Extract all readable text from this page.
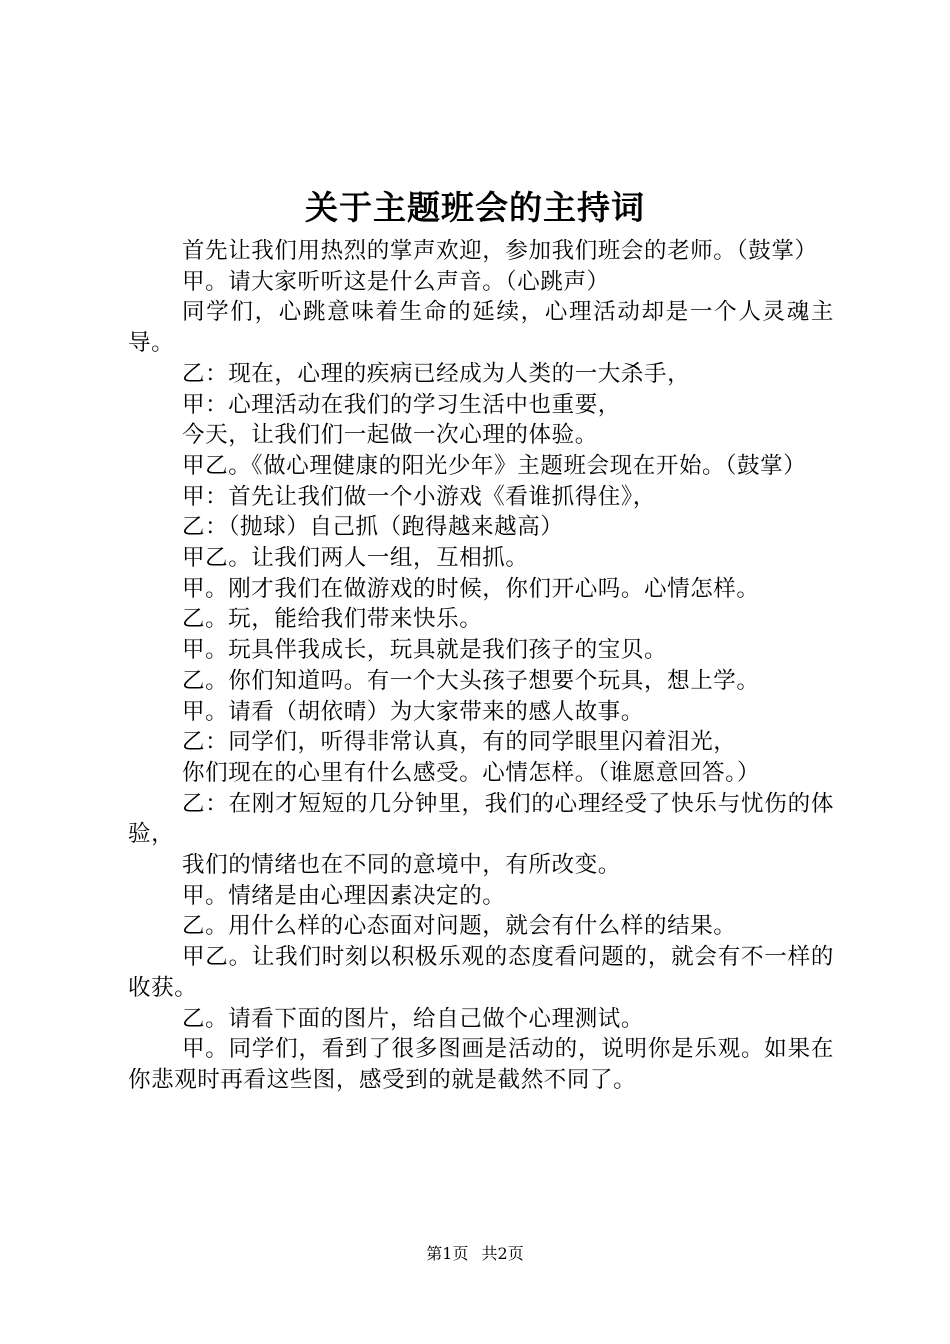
关于主题班会的主持词

首先让我们用热烈的掌声欢迎，参加我们班会的老师。（鼓掌）

甲。请大家听听这是什么声音。（心跳声）

同学们，心跳意味着生命的延续，心理活动却是一个人灵魂主导。

乙：现在，心理的疾病已经成为人类的一大杀手，

甲：心理活动在我们的学习生活中也重要，

今天，让我们们一起做一次心理的体验。

甲乙。《做心理健康的阳光少年》主题班会现在开始。（鼓掌）

甲：首先让我们做一个小游戏《看谁抓得住》，

乙：（抛球）自己抓（跑得越来越高）

甲乙。让我们两人一组，互相抓。

甲。刚才我们在做游戏的时候，你们开心吗。心情怎样。

乙。玩，能给我们带来快乐。

甲。玩具伴我成长，玩具就是我们孩子的宝贝。

乙。你们知道吗。有一个大头孩子想要个玩具，想上学。

甲。请看（胡依晴）为大家带来的感人故事。

乙：同学们，听得非常认真，有的同学眼里闪着泪光，

你们现在的心里有什么感受。心情怎样。（谁愿意回答。）

乙：在刚才短短的几分钟里，我们的心理经受了快乐与忧伤的体验，

我们的情绪也在不同的意境中，有所改变。

甲。情绪是由心理因素决定的。

乙。用什么样的心态面对问题，就会有什么样的结果。

甲乙。让我们时刻以积极乐观的态度看问题的，就会有不一样的收获。

乙。请看下面的图片，给自己做个心理测试。

甲。同学们，看到了很多图画是活动的，说明你是乐观。如果在你悲观时再看这些图，感受到的就是截然不同了。

第1页 共2页
